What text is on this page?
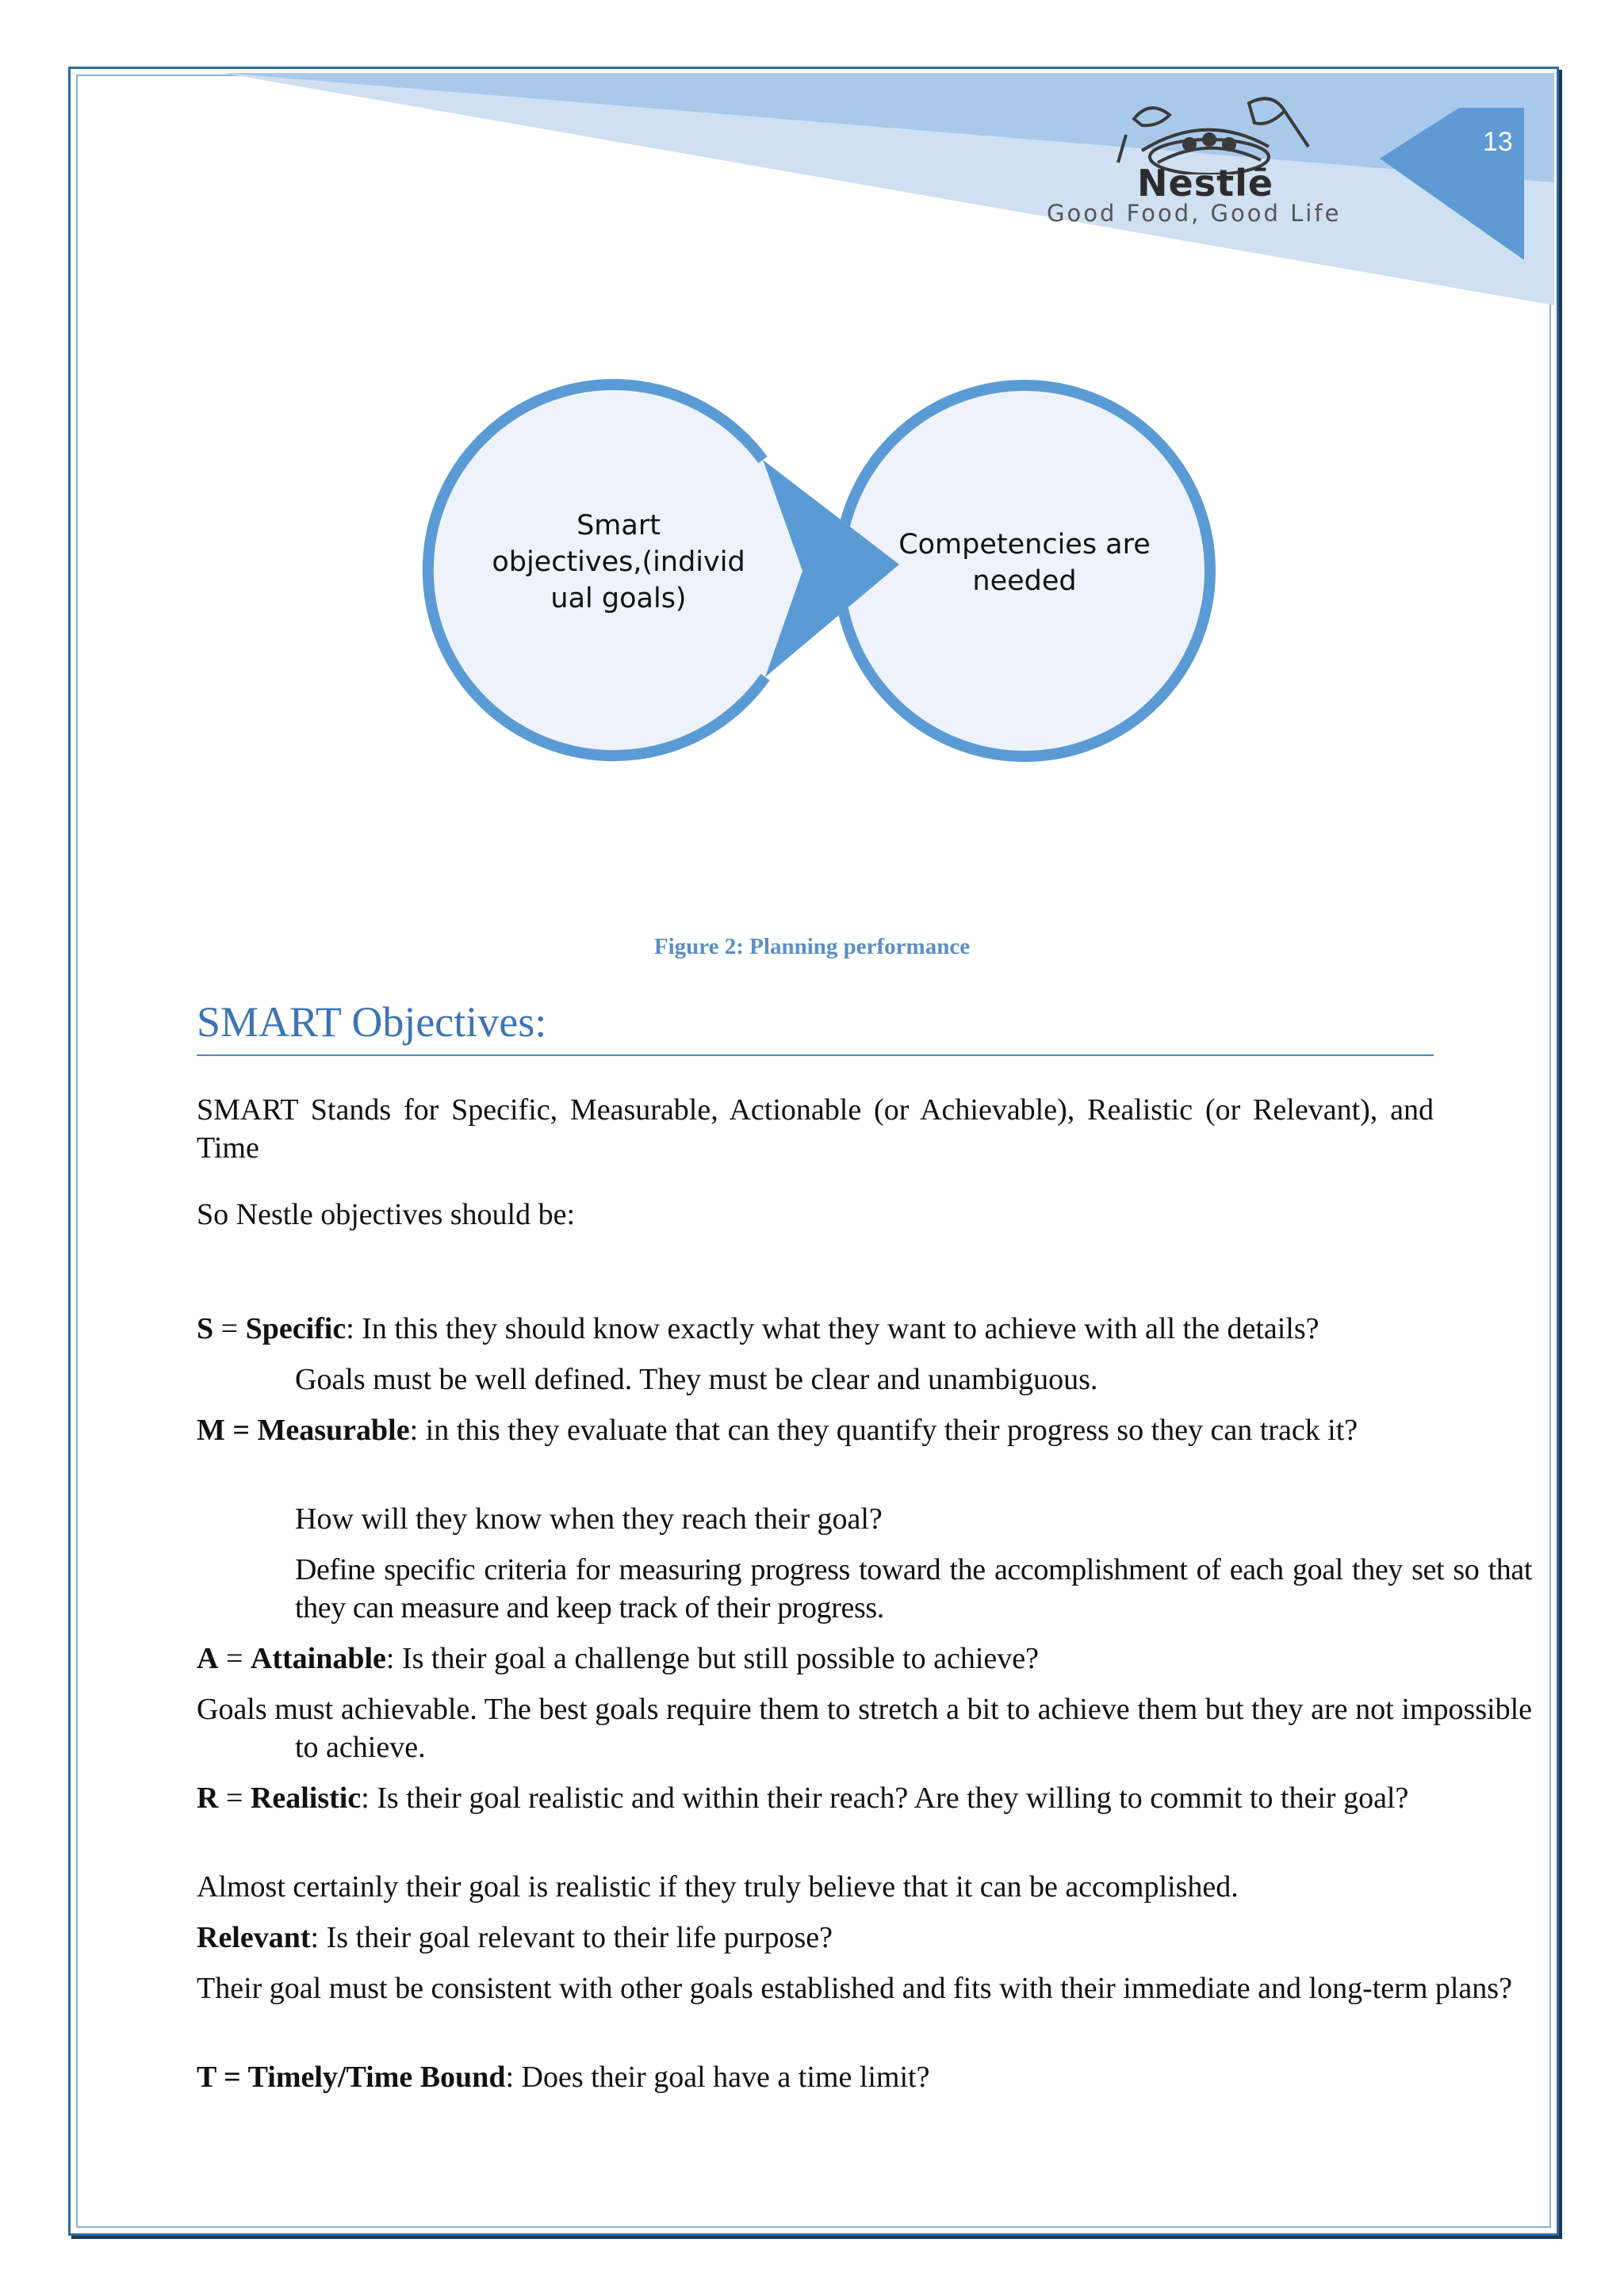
13
Nestlē
Good Food, Good Life
Smart
objectives,(individ
ual goals)
Competencies are
needed
Figure 2: Planning performance
SMART Objectives:
SMART Stands for Specific, Measurable, Actionable (or Achievable), Realistic (or Relevant), and Time
So Nestle objectives should be:
S = Specific: In this they should know exactly what they want to achieve with all the details?
Goals must be well defined. They must be clear and unambiguous.
M = Measurable: in this they evaluate that can they quantify their progress so they can track it?
How will they know when they reach their goal?
Define specific criteria for measuring progress toward the accomplishment of each goal they set so that they can measure and keep track of their progress.
A = Attainable: Is their goal a challenge but still possible to achieve?
Goals must achievable. The best goals require them to stretch a bit to achieve them but they are not impossible to achieve.
R = Realistic: Is their goal realistic and within their reach? Are they willing to commit to their goal?
Almost certainly their goal is realistic if they truly believe that it can be accomplished.
Relevant: Is their goal relevant to their life purpose?
Their goal must be consistent with other goals established and fits with their immediate and long-term plans?
T = Timely/Time Bound: Does their goal have a time limit?
